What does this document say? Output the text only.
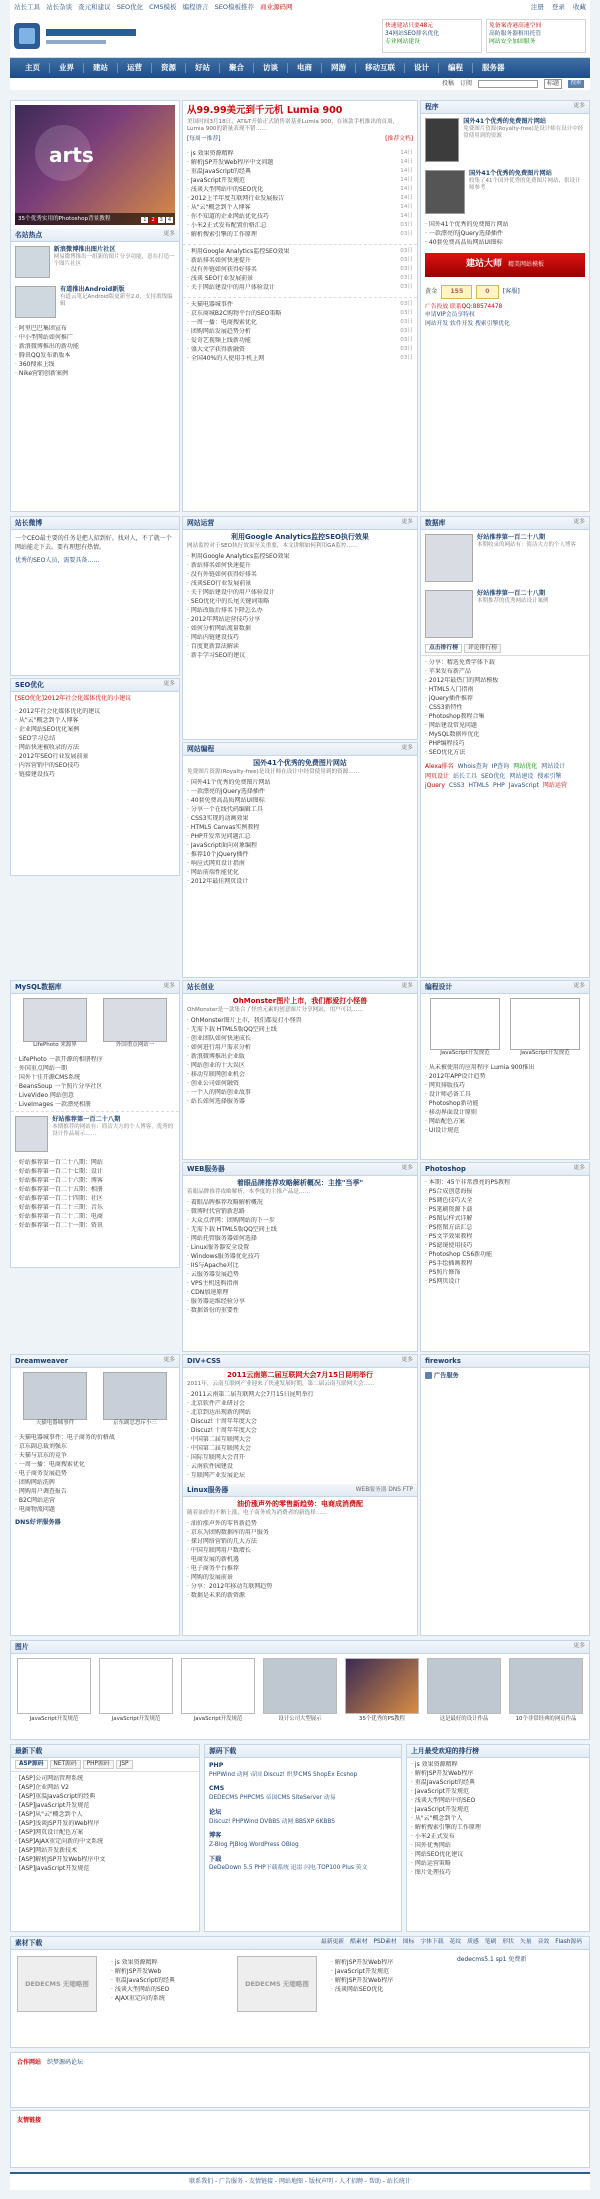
站长工具 站长杂谈 查元和建议 SEO优化 CMS模板 编程语言 SEO模板推荐 商业源码网	注册 登录 收藏
快速建站只要48元
34网站SEO排名优化
专业网站建设
免备案香港高速空间
高防服务器租用托管
网站安全加固服务
主页	业界	建站	运营	资源	好站	聚合	访谈	电商	网游	移动互联	设计	编程	服务器
投稿 订阅	标题	搜索
arts
35个优秀实用的Photoshop背景教程	1	2	3	4
名站热点	更多
新浪微博推出图片社区
网易微博推出一组新的图片分享功能，意在打造一个图片社区
有道推出Android新版
有道云笔记Android版更新至2.0，支持离线编辑
· 阿里巴巴集团宣布
· 中小型网站如何推广
· 新浪微博推出的新功能
· 腾讯QQ发布新版本
· 360搜索上线
· Nike营销创新案例
从99.99美元到千元机 Lumia 900
美国时间3月18日，AT&T开始正式销售诺基亚Lumia 900，在该款手机推出的首周，Lumia 900的销量表现不错……
[每周一推荐]	[推荐文档]
· js 效果资源精粹	14日
· 解析JSP开发Web程序中文问题	14日
· 重温JavaScript的经典	14日
· JavaScript开发规范	14日
· 浅谈大型网站中的SEO优化	14日
· 2012上半年度互联网行业发展报告	14日
· 从"云"概念到个人博客	14日
· 你不知道的企业网站优化技巧	14日
· 小米2正式发布配置价格汇总	03日
· 解析搜索引擎的工作原理	03日
· 利用Google Analytics监控SEO效果	03日
· 新站排名如何快速提升	03日
· 没有外链如何获得好排名	03日
· 浅谈 SEO行业发展前景	03日
· 关于网站建设中的用户体验设计	03日
· 天猫电器城事件	03日
· 京东商城B2C购物平台的SEO策略	03日
· 一周一播：电商搜索优化	03日
· 团购网站发展趋势分析	03日
· 爱奇艺视频上线新功能	03日
· 盛大文学获得新融资	03日
· 全国40%的人使用手机上网	03日
程序	更多
国外41个优秀的免费图片网站
免费图片资源(Royalty-free)是设计师在设计中经常使用到的资源
国外41个优秀的免费图片网站
收集了41个国外优秀的免费图片网站，供设计师参考
· 国外41个优秀的免费图片网站
· 一款漂亮的jQuery选择插件
· 40套免费高品质网站UI图标
建站大师 精美网站模板
黄金	155	0	[客服]
广告投放 联系QQ:88574478
申请VIP会员享特权
网站开发 软件开发 搜索引擎优化
站长微博
一个CEO最主要的任务是把人招到好。找对人，不了就一个网站能走下去。要有理想有热情。
优秀的SEO人员，需要具备……
SEO优化	更多
[SEO优化]2012年社会化媒体优化的小建议
· 2012年社会化媒体优化的建议
· 从"云"概念到个人博客
· 企业网站SEO优化案例
· SEO学习总结
· 网站快速被收录的方法
· 2012年SEO行业发展前景
· 内容营销中的SEO技巧
· 链接建设技巧
网站运营	更多
利用Google Analytics监控SEO执行效果
网站监控对于SEO执行效果至关重要，本文讲解如何利用GA监控……
· 利用Google Analytics监控SEO效果
· 新站排名如何快速提升
· 没有外链如何获得好排名
· 浅谈SEO行业发展前景
· 关于网站建设中的用户体验设计
· SEO优化中的长尾关键词策略
· 网站改版后排名下降怎么办
· 2012年网站运营技巧分享
· 如何分析网站流量数据
· 网站内链建设技巧
· 百度更新算法解读
· 新手学习SEO的建议
网站编程	更多
国外41个优秀的免费图片网站
免费图片资源(Royalty-free)是设计师在设计中经常使用到的资源……
· 国外41个优秀的免费图片网站
· 一款漂亮的jQuery选择插件
· 40套免费高品质网站UI图标
· 分享一个在线代码编辑工具
· CSS3实现的动画效果
· HTML5 Canvas实例教程
· PHP开发常见问题汇总
· JavaScript面向对象编程
· 推荐10个jQuery插件
· 响应式网页设计指南
· 网站前端性能优化
· 2012年最佳网页设计
数据库	更多
好站推荐第一百二十八期
本期收录的网站有：简洁大方的个人博客
好站推荐第一百二十八期
本期推荐的优秀网站设计案例
点击排行榜	评论排行榜
· 分享：精选免费字体下载
· 苹果发布新产品
· 2012年最热门的网站模板
· HTML5入门指南
· jQuery插件推荐
· CSS3新特性
· Photoshop教程合集
· 网站建设常见问题
· MySQL数据库优化
· PHP编程技巧
· SEO优化方法
Alexa排名 Whois查询 IP查询 网站优化 网站设计网页设计 站长工具 SEO优化 网站建设 搜索引擎jQuery CSS3 HTML5 PHP JavaScript 网站运营
MySQL数据库	更多
LifePhoto 来源界	外国重点网站一
· LifePhoto 一款开源的相册程序
· 外国重点网站一期
· 国外十佳开源CMS系统
· BeansSoup 一个照片分享社区
· LiveVideo 网站创意
· LiveImages 一款漂亮相册
好站推荐第一百二十八期
本期推荐的网站有：简洁大方的个人博客，优秀的设计作品展示……
· 好站推荐第一百二十八期：网站
· 好站推荐第一百二十七期：设计
· 好站推荐第一百二十六期：博客
· 好站推荐第一百二十五期：相册
· 好站推荐第一百二十四期：社区
· 好站推荐第一百二十三期：音乐
· 好站推荐第一百二十二期：电商
· 好站推荐第一百二十一期：资讯
站长创业	更多
OhMonster图片上市，我们都爱打小怪兽
OhMonster是一款集合了怪兽元素的创意图片分享网站，用户可以……
· OhMonster图片上市，我们都爱打小怪兽
· 无需下载 HTML5版QQ空间上线
· 创业团队如何快速成长
· 如何进行用户需求分析
· 新浪微博推出企业版
· 网站创业的十大误区
· 移动互联网创业机会
· 创业公司如何融资
· 一个人的网站创业故事
· 站长如何选择服务器
WEB服务器	更多
着眼品牌推荐攻略解析概况：主推"当季"
着眼品牌推荐攻略解析，本季度的主推产品是……
· 着眼品牌推荐攻略解析概况
· 微博时代营销新思路
· 大众点评网：团购网站的下一步
· 无需下载 HTML5版QQ空间上线
· 网站托管服务器如何选择
· Linux服务器安全设置
· Windows服务器优化技巧
· IIS与Apache对比
· 云服务器发展趋势
· VPS主机选购指南
· CDN加速原理
· 服务器运维经验分享
· 数据备份的重要性
编程设计	更多
JavaScript开发规范	JavaScript开发规范
· 从未被使用的应用程序 Lumia 900推出
· 2012年APP设计趋势
· 网页排版技巧
· 设计师必备工具
· Photoshop新功能
· 移动界面设计原则
· 网站配色方案
· UI设计规范
Photoshop	更多
· 本期：45个非常漂亮的PS教程
· PS合成创意海报
· PS调色技巧大全
· PS笔刷资源下载
· PS图层样式详解
· PS抠图方法汇总
· PS文字效果教程
· PS滤镜使用技巧
· Photoshop CS6新功能
· PS手绘插画教程
· PS照片修饰
· PS网页设计
Dreamweaver	更多
天猫电器城事件	京东副总怒斥小三
· 天猫电器城事件：电子商务的价格战
· 京东副总裁刘强东
· 天猫与京东的竞争
· 一周一播：电商搜索优化
· 电子商务发展趋势
· 团购网站洗牌
· 网购用户调查报告
· B2C网站运营
· 电商物流问题
DNS好评服务器
DIV+CSS	更多
2011云南第二届互联网大会7月15日昆明举行
2011年，云南互联网产业迎来了快速发展时期，第二届云南互联网大会……
· 2011云南第二届互联网大会7月15日昆明举行
· 北京软件产业研讨会
· 北京到达出现新的网站
· Discuz! 十周年年度大会
· Discuz! 十周年年度大会
· 中国第二届互联网大会
· 中国第二届互联网大会
· 国际互联网大会召开
· 云南软件园建设
· 互联网产业发展论坛
Linux服务器	WEB服务器 DNS FTP
油价涨声外的零售新趋势：电商成消费配
随着油价的不断上涨，电子商务成为消费者的新选择……
· 油价涨声外的零售新趋势
· 京东为团购数据库的用户服务
· 探讨网络营销的几大方法
· 中国互联网用户数增长
· 电商发展的新机遇
· 电子商务平台推荐
· 网购的发展前景
· 分享：2012年移动互联网趋势
· 数据是未来的新资源
fireworks
广告服务
图片	更多
JavaScript开发规范	JavaScript开发规范	JavaScript开发规范	设计公司大型展示	35个优秀的PS教程	这是最好的设计作品	10个非常经典的网页作品
最新下载
ASP源码	NET源码	PHP源码	JSP
· [ASP]公司网站管理系统
· [ASP]企业网站 V2
· [ASP]重温JavaScript的经典
· [ASP]JavaScript开发规范
· [ASP]从"云"概念到个人
· [ASP]浅谈JSP开发的Web程序
· [ASP]网页设计配色方案
· [ASP]AJAX重定向新的中文系统
· [ASP]网站开发新技术
· [ASP]解析JSP开发Web程序中文
· [ASP]JavaScript开发规范
源码下载
PHP
PHPWind 动网 帝国 Discuz! 织梦CMS ShopEx Ecshop
CMS
DEDECMS PHPCMS 帝国CMS SiteServer 动易
论坛
Discuz! PHPWind DVBBS 动网 BBSXP 6KBBS
博客
Z-Blog PJBlog WordPress OBlog
下载
DeDeDown 5.5 PHP下载系统 迅雷 闪电 TOP100 Plus 英文
上月最受欢迎的排行榜
· js 效果资源精粹
· 解析JSP开发Web程序
· 重温JavaScript的经典
· JavaScript开发规范
· 浅谈大型网站中的SEO
· JavaScript开发规范
· 从"云"概念到个人
· 解析搜索引擎的工作原理
· 小米2正式发布
· 国外优秀网站
· 网站SEO优化建议
· 网站运营策略
· 图片处理技巧
素材下载	最新更新 酷素材 PSD素材 图标 字体下载 花纹 质感 笔刷 形状 矢量 音效 Flash源码
DEDECMS 无缩略图
· js 效果资源精粹
· 解析JSP开发Web
· 重温JavaScript的经典
· 浅谈大型网站的SEO
· AJAX重定向的系统
DEDECMS 无缩略图
· 解析JSP开发Web程序
· JavaScript开发规范
· 解析JSP开发Web程序
· 浅谈网站SEO优化
dedecms5.1 sp1 免费新
合作网站 织梦源码论坛
友情链接
联系我们 - 广告服务 - 友情链接 - 网站地图 - 版权声明 - 人才招聘 - 帮助 - 站长统计
